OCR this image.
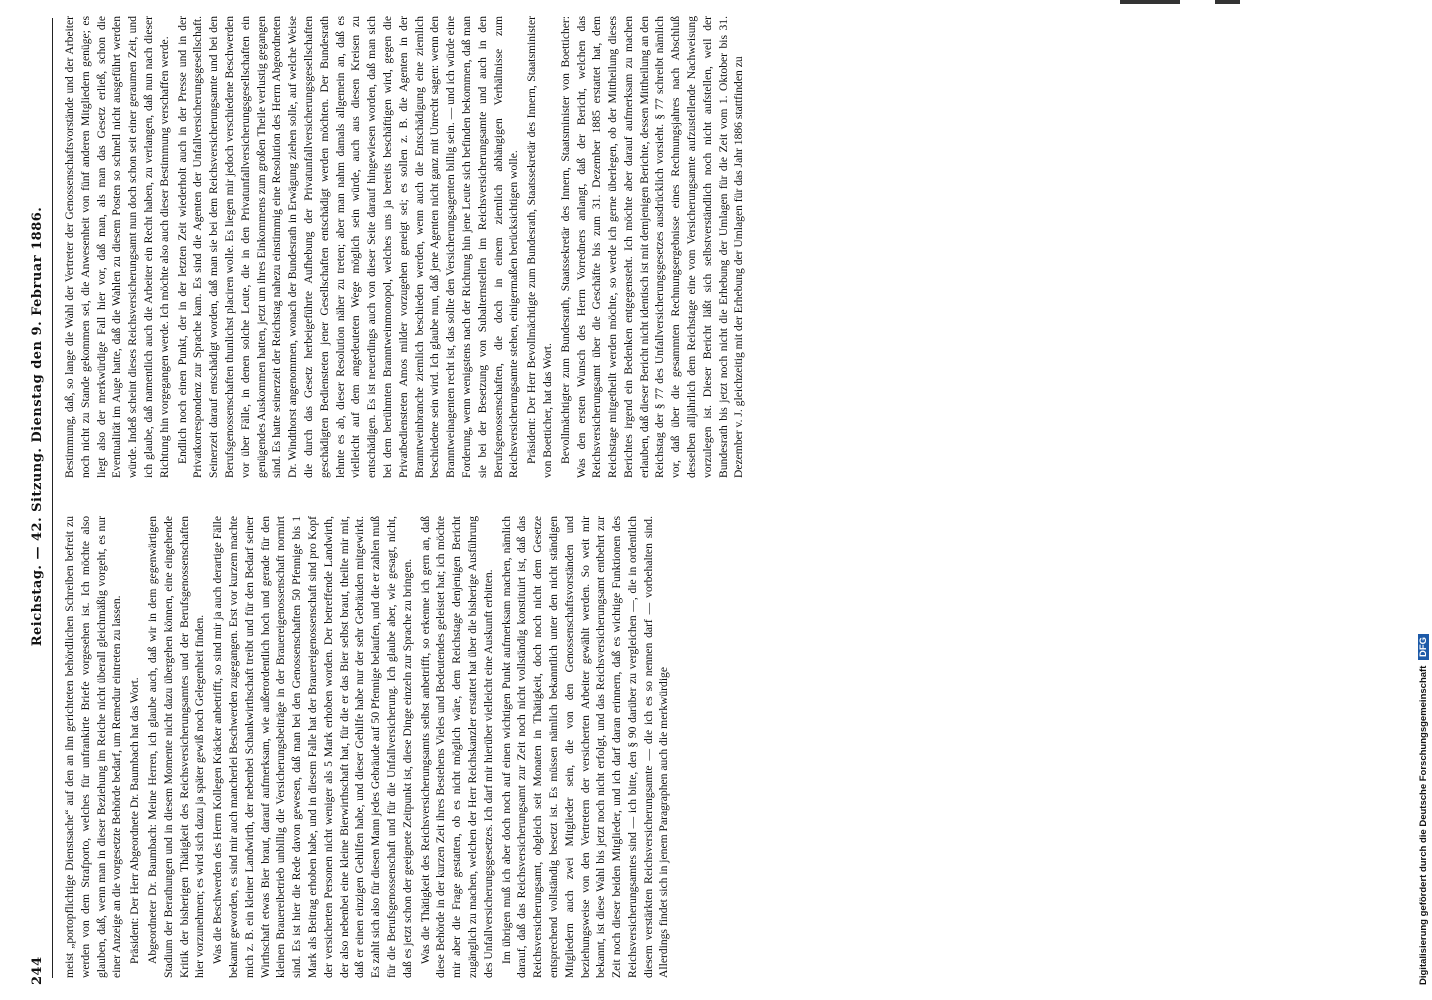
244  Reichstag. — 42. Sitzung. Dienstag den 9. Februar 1886.

meist „portopflichtige Dienstsache“ auf den an ihn gerichteten behördlichen Schreiben befreit zu werden von dem Strafporto, welches für unfrankirte Briefe vorgesehen ist. Ich möchte also glauben, daß, wenn man in dieser Beziehung im Reiche nicht überall gleichmäßig vorgeht, es nur einer Anzeige an die vorgesetzte Behörde bedarf, um Remedur eintreten zu lassen. Präsident: Der Herr Abgeordnete Dr. Baumbach hat das Wort. Abgeordneter Dr. Baumbach: Meine Herren, ich glaube auch, daß wir in dem gegenwärtigen Stadium der Berathungen und in diesem Momente nicht dazu übergehen können, eine eingehende Kritik der bisherigen Thätigkeit des Reichsversicherungsamtes und der Berufsgenossenschaften hier vorzunehmen; es wird sich dazu ja später gewiß noch Gelegenheit finden. Was die Beschwerden des Herrn Kollegen Kräcker anbetrifft, so sind mir ja auch derartige Fälle bekannt geworden, es sind mir auch mancherlei Beschwerden zugegangen. Erst vor kurzem machte mich z. B. ein kleiner Landwirth, der nebenbei Schankwirthschaft treibt und für den Bedarf seiner Wirthschaft etwas Bier braut, darauf aufmerksam, wie außerordentlich hoch und gerade für den kleinen Brauereibetrieb unbillig die Versicherungsbeiträge in der Brauereigenossenschaft normirt sind. Es ist hier die Rede davon gewesen, daß man bei den Genossenschaften 50 Pfennige bis 1 Mark als Beitrag erhoben habe, und in diesem Falle hat der Brauereigenossenschaft sind pro Kopf der versicherten Personen nicht weniger als 5 Mark erhoben worden. Der betreffende Landwirth, der also nebenbei eine kleine Bierwirthschaft hat, für die er das Bier selbst braut, theilte mir mit, daß er einen einzigen Gehilfen habe, und dieser Gehilfe habe nur der sehr Gebräuden mitgewirkt. Es zahlt sich also für diesen Mann jedes Gebräude auf 50 Pfennige belaufen, und die er zahlen muß für die Berufsgenossenschaft und für die Unfallversicherung. Ich glaube aber, wie gesagt, nicht, daß es jetzt schon der geeignete Zeitpunkt ist, diese Dinge einzeln zur Sprache zu bringen. Was die Thätigkeit des Reichsversicherungsamts selbst anbetrifft, so erkenne ich gern an, daß diese Behörde in der kurzen Zeit ihres Bestehens Vieles und Bedeutendes geleistet hat; ich möchte mir aber die Frage gestatten, ob es nicht möglich wäre, dem Reichstage denjenigen Bericht zugänglich zu machen, welchen der Herr Reichskanzler erstattet hat über die bisherige Ausführung des Unfallversicherungsgesetzes. Ich darf mir hierüber vielleicht eine Auskunft erbitten. Im übrigen muß ich aber doch noch auf einen wichtigen Punkt aufmerksam machen, nämlich darauf, daß das Reichsversicherungsamt zur Zeit noch nicht vollständig konstituirt ist, daß das Reichsversicherungsamt, obgleich seit Monaten in Thätigkeit, doch noch nicht dem Gesetze entsprechend vollständig besetzt ist. Es müssen nämlich bekanntlich unter den nicht ständigen Mitgliedern auch zwei Mitglieder sein, die von den Genossenschaftsvorständen und beziehungsweise von den Vertretern der versicherten Arbeiter gewählt werden. So weit mir bekannt, ist diese Wahl bis jetzt noch nicht erfolgt, und das Reichsversicherungsamt entbehrt zur Zeit noch dieser beiden Mitglieder, und ich darf daran erinnern, daß es wichtige Funktionen des Reichsversicherungsamtes sind — ich bitte, den § 90 darüber zu vergleichen —, die in ordentlich diesem verstärkten Reichsversicherungsamte — die ich es so nennen darf — vorbehalten sind. Allerdings findet sich in jenem Paragraphen auch die merkwürdige

Bestimmung, daß, so lange die Wahl der Vertreter der Genossenschaftsvorstände und der Arbeiter noch nicht zu Stande gekommen sei, die Anwesenheit von fünf anderen Mitgliedern genüge; es liegt also der merkwürdige Fall hier vor, daß man, als man das Gesetz erließ, schon die Eventualität im Auge hatte, daß die Wahlen zu diesem Posten so schnell nicht ausgeführt werden würde. Indeß scheint dieses Reichsversicherungsamt nun doch schon seit einer geraumen Zeit, und ich glaube, daß namentlich auch die Arbeiter ein Recht haben, zu verlangen, daß nun nach dieser Richtung hin vorgegangen werde. Ich möchte also auch dieser Bestimmung verschaffen werde. Endlich noch einen Punkt, der in der letzten Zeit wiederholt auch in der Presse und in der Privatkorrespondenz zur Sprache kam. Es sind die Agenten der Unfallversicherungsgesellschaft. Seinerzeit darauf entschädigt worden, daß man sie bei dem Reichsversicherungsamte und bei den Berufsgenossenschaften thunlichst placiren wolle. Es liegen mir jedoch verschiedene Beschwerden vor über Fälle, in denen solche Leute, die in den Privatunfallversicherungsgesellschaften ein genügendes Auskommen hatten, jetzt um ihres Einkommens zum großen Theile verlustig gegangen sind. Es hatte seinerzeit der Reichstag nahezu einstimmig eine Resolution des Herrn Abgeordneten Dr. Windthorst angenommen, wonach der Bundesrath in Erwägung ziehen solle, auf welche Weise die durch das Gesetz herbeigeführte Aufhebung der Privatunfallversicherungsgesellschaften geschädigten Bediensteten jener Gesellschaften entschädigt werden möchten. Der Bundesrath lehnte es ab, dieser Resolution näher zu treten; aber man nahm damals allgemein an, daß es vielleicht auf dem angedeuteten Wege möglich sein würde, auch aus diesen Kreisen zu entschädigen. Es ist neuerdings auch von dieser Seite darauf hingewiesen worden, daß man sich bei dem berühmten Branntweinmonopol, welches uns ja bereits beschäftigen wird, gegen die Privatbediensteten Amos milder vorzugehen geneigt sei; es sollen z. B. die Agenten in der Branntweinbranche ziemlich beschieden werden, wenn auch die Entschädigung eine ziemlich beschiedene sein wird. Ich glaube nun, daß jene Agenten nicht ganz mit Unrecht sagen: wenn den Branntweinagenten recht ist, das sollte den Versicherungsagenten billig sein. — und ich würde eine Forderung, wenn wenigstens nach der Richtung hin jene Leute sich befinden bekommen, daß man sie bei der Besetzung von Subalternstellen im Reichsversicherungsamte und auch in den Berufsgenossenschaften, die doch in einem ziemlich abhängigen Verhältnisse zum Reichsversicherungsamte stehen, einigermaßen berücksichtigen wolle. Präsident: Der Herr Bevollmächtigte zum Bundesrath, Staatssekretär des Innern, Staatsminister von Boetticher, hat das Wort. Bevollmächtigter zum Bundesrath, Staatssekretär des Innern, Staatsminister von Boetticher: Was den ersten Wunsch des Herrn Vorredners anlangt, daß der Bericht, welchen das Reichsversicherungsamt über die Geschäfte bis zum 31. Dezember 1885 erstattet hat, dem Reichstage mitgetheilt werden möchte, so werde ich gerne überlegen, ob der Mittheilung dieses Berichtes irgend ein Bedenken entgegensteht. Ich möchte aber darauf aufmerksam zu machen erlauben, daß dieser Bericht nicht identisch ist mit demjenigen Berichte, dessen Mittheilung an den Reichstag der § 77 des Unfallversicherungsgesetzes ausdrücklich vorsieht. § 77 schreibt nämlich vor, daß über die gesammten Rechnungsergebnisse eines Rechnungsjahres nach Abschluß desselben alljährlich dem Reichstage eine vom Versicherungsamte aufzustellende Nachweisung vorzulegen ist. Dieser Bericht läßt sich selbstverständlich noch nicht aufstellen, weil der Bundesrath bis jetzt noch nicht die Erhebung der Umlagen für die Zeit vom 1. Oktober bis 31. Dezember v. J. gleichzeitig mit der Erhebung der Umlagen für das Jahr 1886 stattfinden zu

Digitalisierung gefördert durch die Deutsche Forschungsgemeinschaft DFG
